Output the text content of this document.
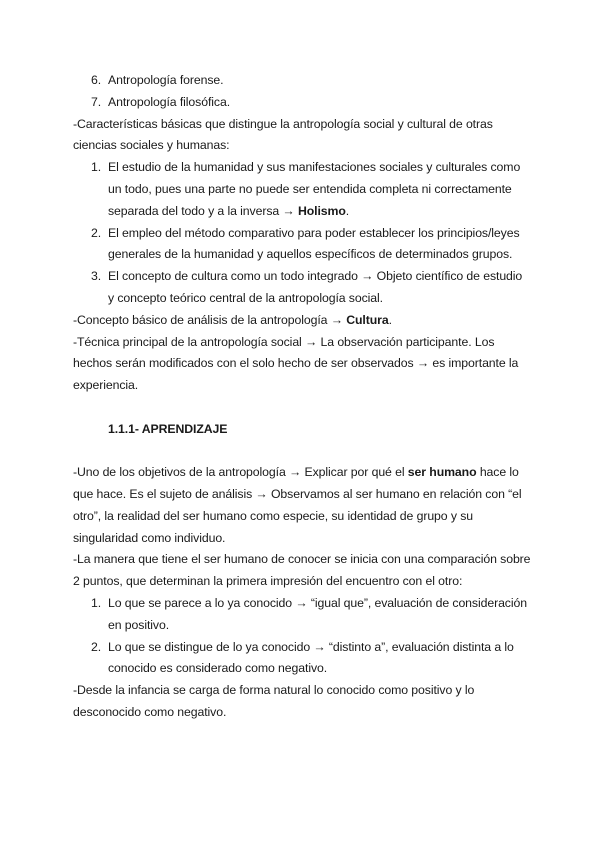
6. Antropología forense.
7. Antropología filosófica.
-Características básicas que distingue la antropología social y cultural de otras
ciencias sociales y humanas:
1. El estudio de la humanidad y sus manifestaciones sociales y culturales como
un todo, pues una parte no puede ser entendida completa ni correctamente
separada del todo y a la inversa → Holismo.
2. El empleo del método comparativo para poder establecer los principios/leyes
generales de la humanidad y aquellos específicos de determinados grupos.
3. El concepto de cultura como un todo integrado → Objeto científico de estudio
y concepto teórico central de la antropología social.
-Concepto básico de análisis de la antropología → Cultura.
-Técnica principal de la antropología social → La observación participante. Los
hechos serán modificados con el solo hecho de ser observados → es importante la
experiencia.
1.1.1- APRENDIZAJE
-Uno de los objetivos de la antropología → Explicar por qué el ser humano hace lo
que hace. Es el sujeto de análisis → Observamos al ser humano en relación con “el
otro”, la realidad del ser humano como especie, su identidad de grupo y su
singularidad como individuo.
-La manera que tiene el ser humano de conocer se inicia con una comparación sobre
2 puntos, que determinan la primera impresión del encuentro con el otro:
1. Lo que se parece a lo ya conocido → “igual que”, evaluación de consideración
en positivo.
2. Lo que se distingue de lo ya conocido → “distinto a”, evaluación distinta a lo
conocido es considerado como negativo.
-Desde la infancia se carga de forma natural lo conocido como positivo y lo
desconocido como negativo.
